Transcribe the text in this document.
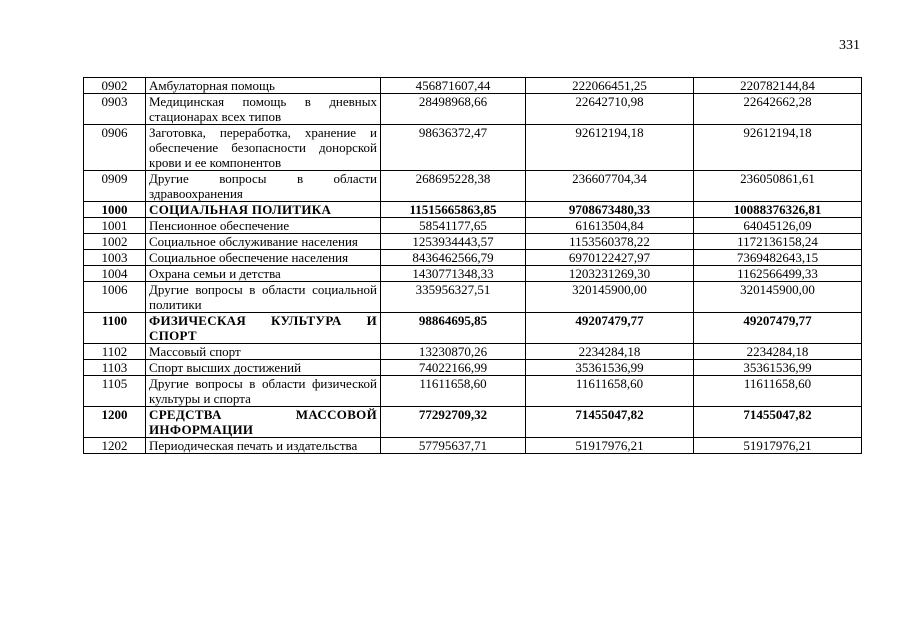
331
0902	Амбулаторная помощь	456871607,44	222066451,25	220782144,84
0903	Медицинская помощь в дневных стационарах всех типов	28498968,66	22642710,98	22642662,28
0906	Заготовка, переработка, хранение и обеспечение безопасности донорской крови и ее компонентов	98636372,47	92612194,18	92612194,18
0909	Другие вопросы в области здравоохранения	268695228,38	236607704,34	236050861,61
1000	СОЦИАЛЬНАЯ ПОЛИТИКА	11515665863,85	9708673480,33	10088376326,81
1001	Пенсионное обеспечение	58541177,65	61613504,84	64045126,09
1002	Социальное обслуживание населения	1253934443,57	1153560378,22	1172136158,24
1003	Социальное обеспечение населения	8436462566,79	6970122427,97	7369482643,15
1004	Охрана семьи и детства	1430771348,33	1203231269,30	1162566499,33
1006	Другие вопросы в области социальной политики	335956327,51	320145900,00	320145900,00
1100	ФИЗИЧЕСКАЯ КУЛЬТУРА И СПОРТ	98864695,85	49207479,77	49207479,77
1102	Массовый спорт	13230870,26	2234284,18	2234284,18
1103	Спорт высших достижений	74022166,99	35361536,99	35361536,99
1105	Другие вопросы в области физической культуры и спорта	11611658,60	11611658,60	11611658,60
1200	СРЕДСТВА МАССОВОЙ ИНФОРМАЦИИ	77292709,32	71455047,82	71455047,82
1202	Периодическая печать и издательства	57795637,71	51917976,21	51917976,21
